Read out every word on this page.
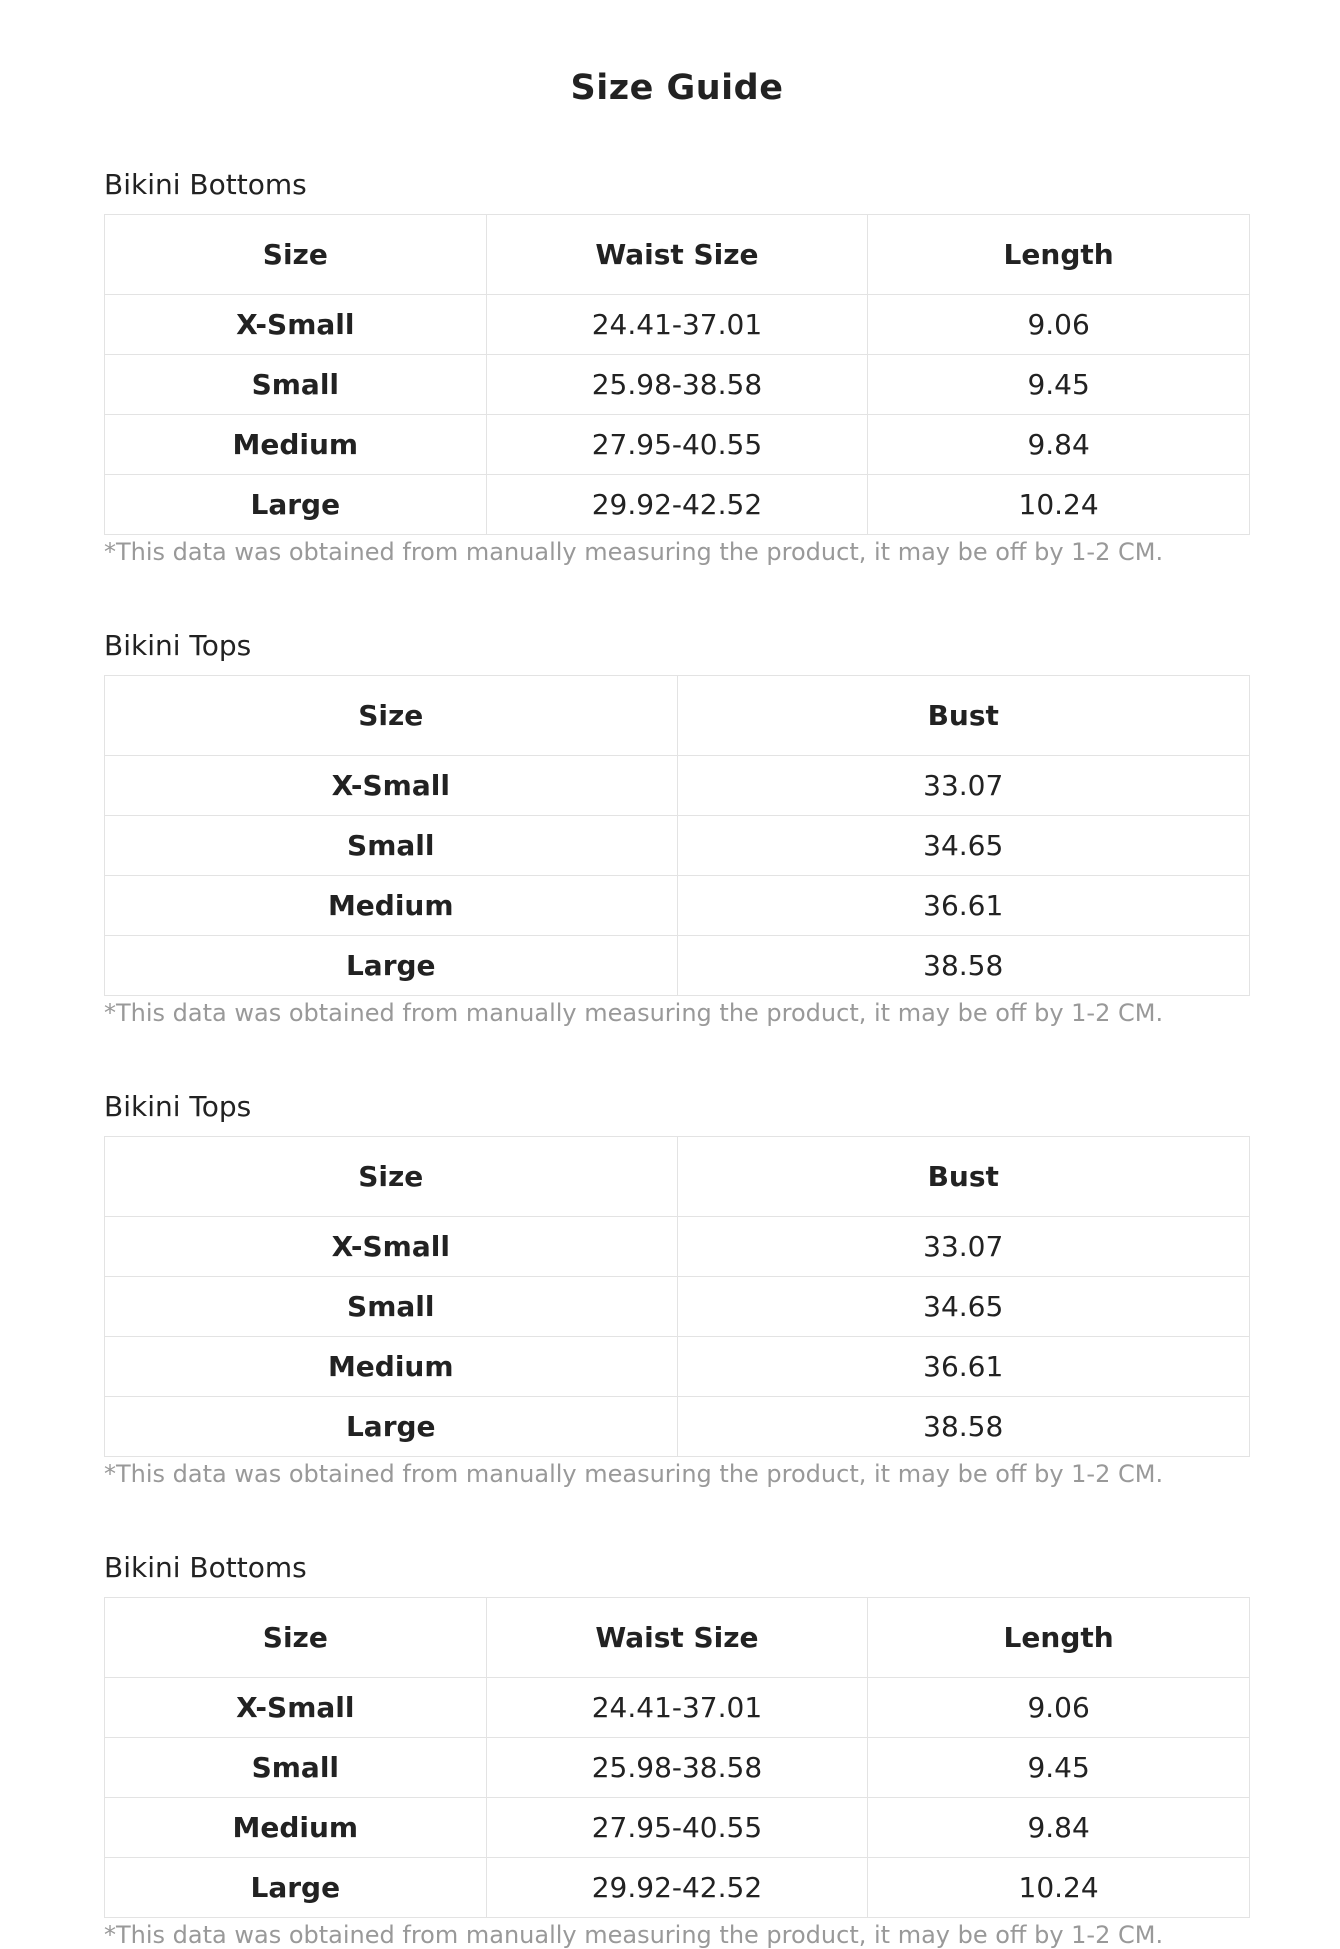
Size Guide
Bikini Bottoms
Size	Waist Size	Length
X-Small	24.41-37.01	9.06
Small	25.98-38.58	9.45
Medium	27.95-40.55	9.84
Large	29.92-42.52	10.24
*This data was obtained from manually measuring the product, it may be off by 1-2 CM.
Bikini Tops
Size	Bust
X-Small	33.07
Small	34.65
Medium	36.61
Large	38.58
*This data was obtained from manually measuring the product, it may be off by 1-2 CM.
Bikini Tops
Size	Bust
X-Small	33.07
Small	34.65
Medium	36.61
Large	38.58
*This data was obtained from manually measuring the product, it may be off by 1-2 CM.
Bikini Bottoms
Size	Waist Size	Length
X-Small	24.41-37.01	9.06
Small	25.98-38.58	9.45
Medium	27.95-40.55	9.84
Large	29.92-42.52	10.24
*This data was obtained from manually measuring the product, it may be off by 1-2 CM.
